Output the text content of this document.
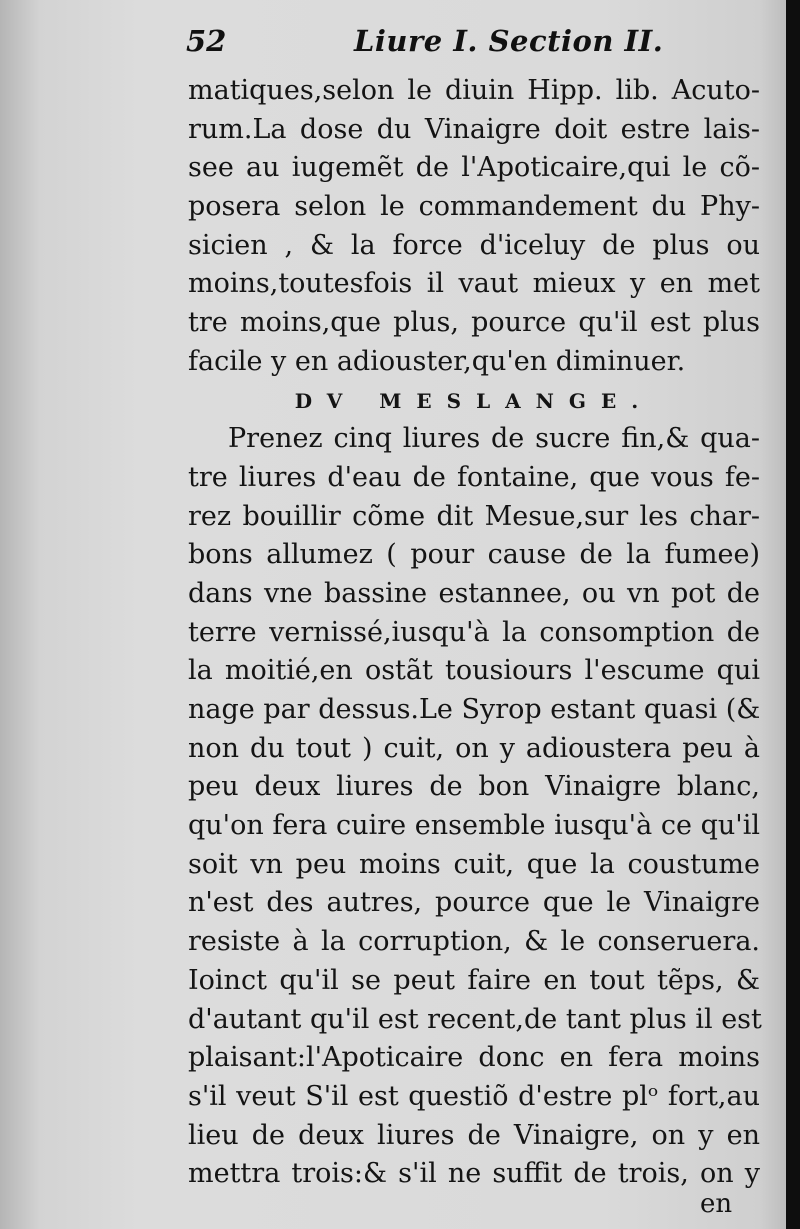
52	Liure I. Section II.
matiques,selon le diuin Hipp. lib. Acuto-
rum.La dose du Vinaigre doit estre lais-
see au iugemẽt de l'Apoticaire,qui le cõ-
posera selon le commandement du Phy-
sicien , & la force d'iceluy de plus ou
moins,toutesfois il vaut mieux y en met
tre moins,que plus, pource qu'il est plus
facile y en adiouster,qu'en diminuer.
DV MESLANGE.
Prenez cinq liures de sucre fin,& qua-
tre liures d'eau de fontaine, que vous fe-
rez bouillir cõme dit Mesue,sur les char-
bons allumez ( pour cause de la fumee)
dans vne bassine estannee, ou vn pot de
terre vernissé,iusqu'à la consomption de
la moitié,en ostãt tousiours l'escume qui
nage par dessus.Le Syrop estant quasi (&
non du tout ) cuit, on y adioustera peu à
peu deux liures de bon Vinaigre blanc,
qu'on fera cuire ensemble iusqu'à ce qu'il
soit vn peu moins cuit, que la coustume
n'est des autres, pource que le Vinaigre
resiste à la corruption, & le conseruera.
Ioinct qu'il se peut faire en tout tẽps, &
d'autant qu'il est recent,de tant plus il est
plaisant:l'Apoticaire donc en fera moins
s'il veut S'il est questiõ d'estre plᵒ fort,au
lieu de deux liures de Vinaigre, on y en
mettra trois:& s'il ne suffit de trois, on y
en
